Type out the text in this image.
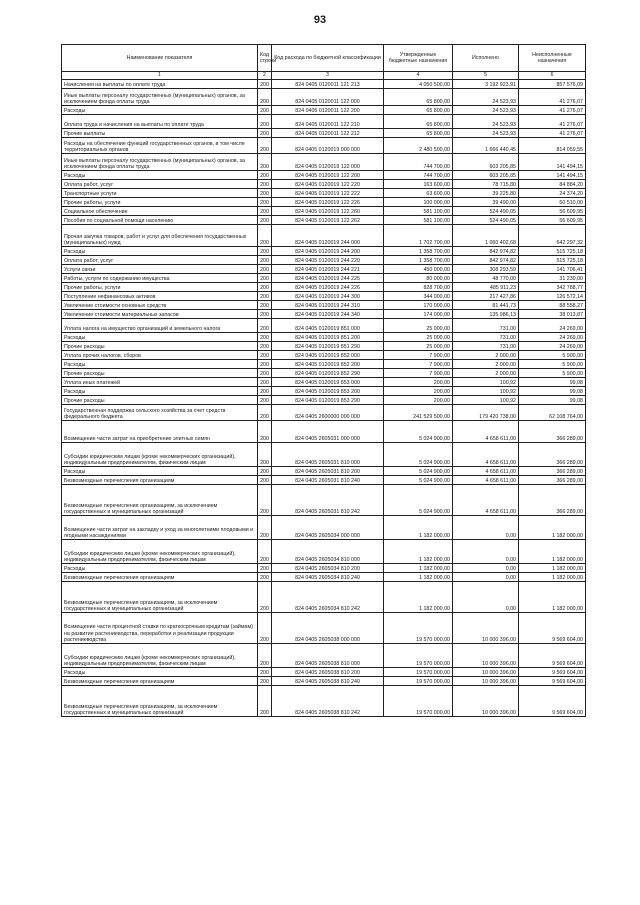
93
Наименование показателя	Код строки	Код расхода по бюджетной классификации	Утвержденные бюджетные назначения	Исполнено	Неисполненные назначения
1	2	3	4	5	6
Начисления на выплаты по оплате труда	200	824 0405 0120011 121 213	4 050 500,00	3 192 923,91	857 576,09
Иные выплаты персоналу государственных (муниципальных) органов, за исключением фонда оплаты труда	200	824 0405 0120011 122 000	65 800,00	24 523,93	41 276,07
Расходы	200	824 0405 0120011 122 200	65 800,00	24 523,93	41 276,07
Оплата труда и начисления на выплаты по оплате труда	200	824 0405 0120011 122 210	65 800,00	24 523,93	41 276,07
Прочие выплаты	200	824 0405 0120011 122 212	65 800,00	24 523,93	41 276,07
Расходы на обеспечение функций государственных органов, в том числе территориальных органов	200	824 0405 0120019 000 000	2 480 500,00	1 666 440,45	814 059,55
Иные выплаты персоналу государственных (муниципальных) органов, за исключением фонда оплаты труда	200	824 0405 0120019 122 000	744 700,00	603 205,85	141 494,15
Расходы	200	824 0405 0120019 122 200	744 700,00	603 205,85	141 494,15
Оплата работ, услуг	200	824 0405 0120019 122 220	163 600,00	78 715,80	84 884,20
Транспортные услуги	200	824 0405 0120019 122 222	63 600,00	39 225,80	24 374,20
Прочие работы, услуги	200	824 0405 0120019 122 226	100 000,00	39 490,00	60 510,00
Социальное обеспечение	200	824 0405 0120019 122 260	581 100,00	524 490,05	56 609,95
Пособия по социальной помощи населению	200	824 0405 0120019 122 262	581 100,00	524 490,05	56 609,95
Прочая закупка товаров, работ и услуг для обеспечения государственных (муниципальных) нужд	200	824 0405 0120019 244 000	1 702 700,00	1 060 402,68	642 297,32
Расходы	200	824 0405 0120019 244 200	1 358 700,00	842 974,82	515 725,18
Оплата работ, услуг	200	824 0405 0120019 244 220	1 358 700,00	842 974,82	515 725,18
Услуги связи	200	824 0405 0120019 244 221	450 000,00	308 293,59	141 706,41
Работы, услуги по содержанию имущества	200	824 0405 0120019 244 225	80 000,00	48 770,00	31 230,00
Прочие работы, услуги	200	824 0405 0120019 244 226	828 700,00	485 911,23	342 788,77
Поступление нефинансовых активов	200	824 0405 0120019 244 300	344 000,00	217 427,86	126 572,14
Увеличение стоимости основных средств	200	824 0405 0120019 244 310	170 000,00	81 441,73	88 558,27
Увеличение стоимости материальных запасов	200	824 0405 0120019 244 340	174 000,00	135 986,13	38 013,87
Уплата налога на имущество организаций и земельного налога	200	824 0405 0120019 851 000	25 000,00	731,00	24 269,00
Расходы	200	824 0405 0120019 851 200	25 000,00	731,00	24 269,00
Прочие расходы	200	824 0405 0120019 851 290	25 000,00	731,00	24 269,00
Уплата прочих налогов, сборов	200	824 0405 0120019 852 000	7 900,00	2 000,00	5 900,00
Расходы	200	824 0405 0120019 852 200	7 900,00	2 000,00	5 900,00
Прочие расходы	200	824 0405 0120019 852 290	7 900,00	2 000,00	5 900,00
Уплата иных платежей	200	824 0405 0120019 853 000	200,00	100,92	99,08
Расходы	200	824 0405 0120019 853 200	200,00	100,92	99,08
Прочие расходы	200	824 0405 0120019 853 290	200,00	100,92	99,08
Государственная поддержка сельского хозяйства за счет средств федерального бюджета	200	824 0405 2600000 000 000	241 529 500,00	179 420 738,00	62 108 764,00
Возмещение части затрат на приобретение элитных семян	200	824 0405 2605031 000 000	5 024 900,00	4 658 611,00	366 289,00
Субсидии юридическим лицам (кроме некоммерческих организаций), индивидуальным предпринимателям, физическим лицам	200	824 0405 2605031 810 000	5 024 900,00	4 658 611,00	366 289,00
Расходы	200	824 0405 2605031 810 200	5 024 900,00	4 658 611,00	366 289,00
Безвозмездные перечисления организациям	200	824 0405 2605031 810 240	5 024 900,00	4 658 611,00	366 289,00
Безвозмездные перечисления организациям, за исключением государственных и муниципальных организаций	200	824 0405 2605031 810 242	5 024 900,00	4 658 611,00	366 289,00
Возмещение части затрат на закладку и уход за многолетними плодовыми и ягодными насаждениями	200	824 0405 2605034 000 000	1 182 000,00	0,00	1 182 000,00
Субсидии юридическим лицам (кроме некоммерческих организаций), индивидуальным предпринимателям, физическим лицам	200	824 0405 2605034 810 000	1 182 000,00	0,00	1 182 000,00
Расходы	200	824 0405 2605034 810 200	1 182 000,00	0,00	1 182 000,00
Безвозмездные перечисления организациям	200	824 0405 2605034 810 240	1 182 000,00	0,00	1 182 000,00
Безвозмездные перечисления организациям, за исключением государственных и муниципальных организаций	200	824 0405 2605034 810 242	1 182 000,00	0,00	1 182 000,00
Возмещение части процентной ставки по краткосрочным кредитам (займам) на развитие растениеводства, переработки и реализации продукции растениеводства	200	824 0405 2605038 000 000	19 570 000,00	10 000 396,00	9 569 604,00
Субсидии юридическим лицам (кроме некоммерческих организаций), индивидуальным предпринимателям, физическим лицам	200	824 0405 2605038 810 000	19 570 000,00	10 000 396,00	9 569 604,00
Расходы	200	824 0405 2605038 810 200	19 570 000,00	10 000 396,00	9 569 604,00
Безвозмездные перечисления организациям	200	824 0405 2605038 810 240	19 570 000,00	10 000 396,00	9 569 604,00
Безвозмездные перечисления организациям, за исключением государственных и муниципальных организаций	200	824 0405 2605038 810 242	19 570 000,00	10 000 396,00	9 569 604,00
